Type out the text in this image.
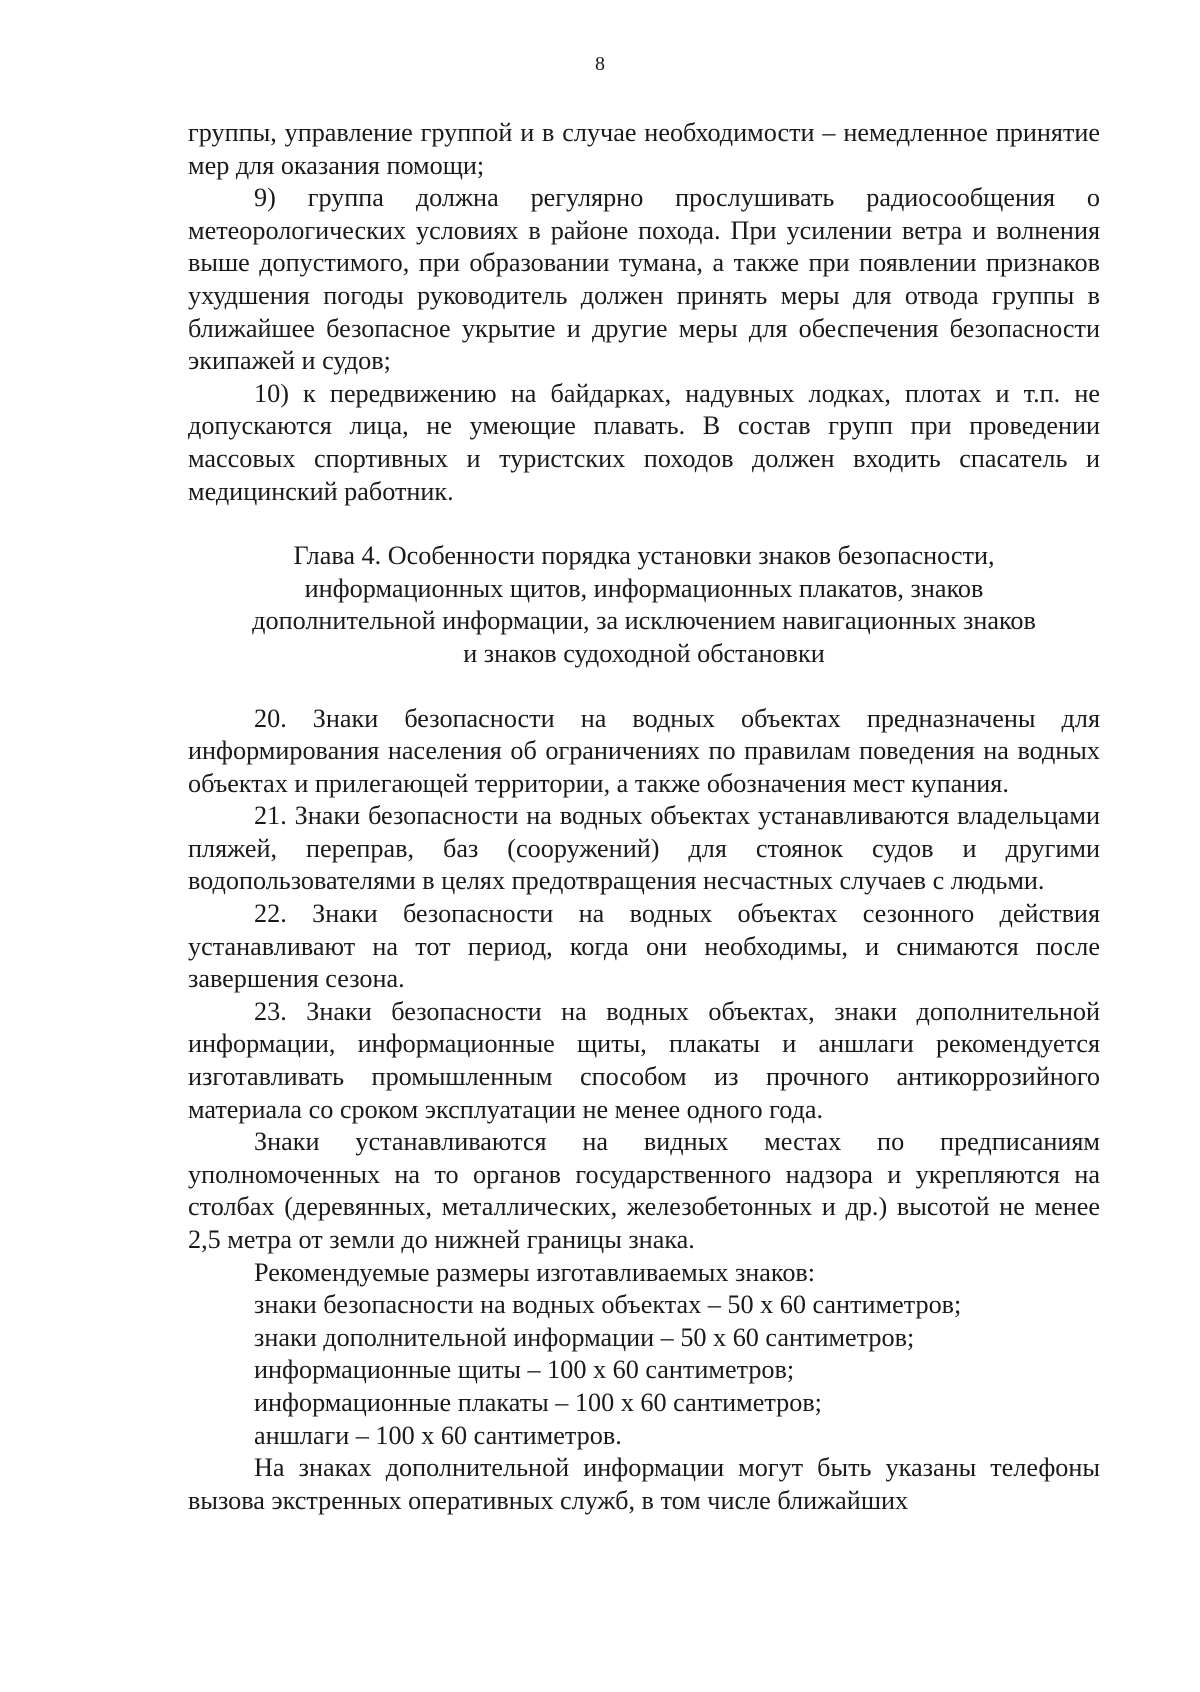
8

группы, управление группой и в случае необходимости – немедленное принятие мер для оказания помощи;

9) группа должна регулярно прослушивать радиосообщения о метеорологических условиях в районе похода. При усилении ветра и волнения выше допустимого, при образовании тумана, а также при появлении признаков ухудшения погоды руководитель должен принять меры для отвода группы в ближайшее безопасное укрытие и другие меры для обеспечения безопасности экипажей и судов;

10) к передвижению на байдарках, надувных лодках, плотах и т.п. не допускаются лица, не умеющие плавать. В состав групп при проведении массовых спортивных и туристских походов должен входить спасатель и медицинский работник.

Глава 4. Особенности порядка установки знаков безопасности,
информационных щитов, информационных плакатов, знаков
дополнительной информации, за исключением навигационных знаков
и знаков судоходной обстановки

20. Знаки безопасности на водных объектах предназначены для информирования населения об ограничениях по правилам поведения на водных объектах и прилегающей территории, а также обозначения мест купания.

21. Знаки безопасности на водных объектах устанавливаются владельцами пляжей, переправ, баз (сооружений) для стоянок судов и другими водопользователями в целях предотвращения несчастных случаев с людьми.

22. Знаки безопасности на водных объектах сезонного действия устанавливают на тот период, когда они необходимы, и снимаются после завершения сезона.

23. Знаки безопасности на водных объектах, знаки дополнительной информации, информационные щиты, плакаты и аншлаги рекомендуется изготавливать промышленным способом из прочного антикоррозийного материала со сроком эксплуатации не менее одного года.

Знаки устанавливаются на видных местах по предписаниям уполномоченных на то органов государственного надзора и укрепляются на столбах (деревянных, металлических, железобетонных и др.) высотой не менее 2,5 метра от земли до нижней границы знака.

Рекомендуемые размеры изготавливаемых знаков:

знаки безопасности на водных объектах – 50 х 60 сантиметров;

знаки дополнительной информации – 50 х 60 сантиметров;

информационные щиты – 100 х 60 сантиметров;

информационные плакаты – 100 х 60 сантиметров;

аншлаги – 100 х 60 сантиметров.

На знаках дополнительной информации могут быть указаны телефоны вызова экстренных оперативных служб, в том числе ближайших
